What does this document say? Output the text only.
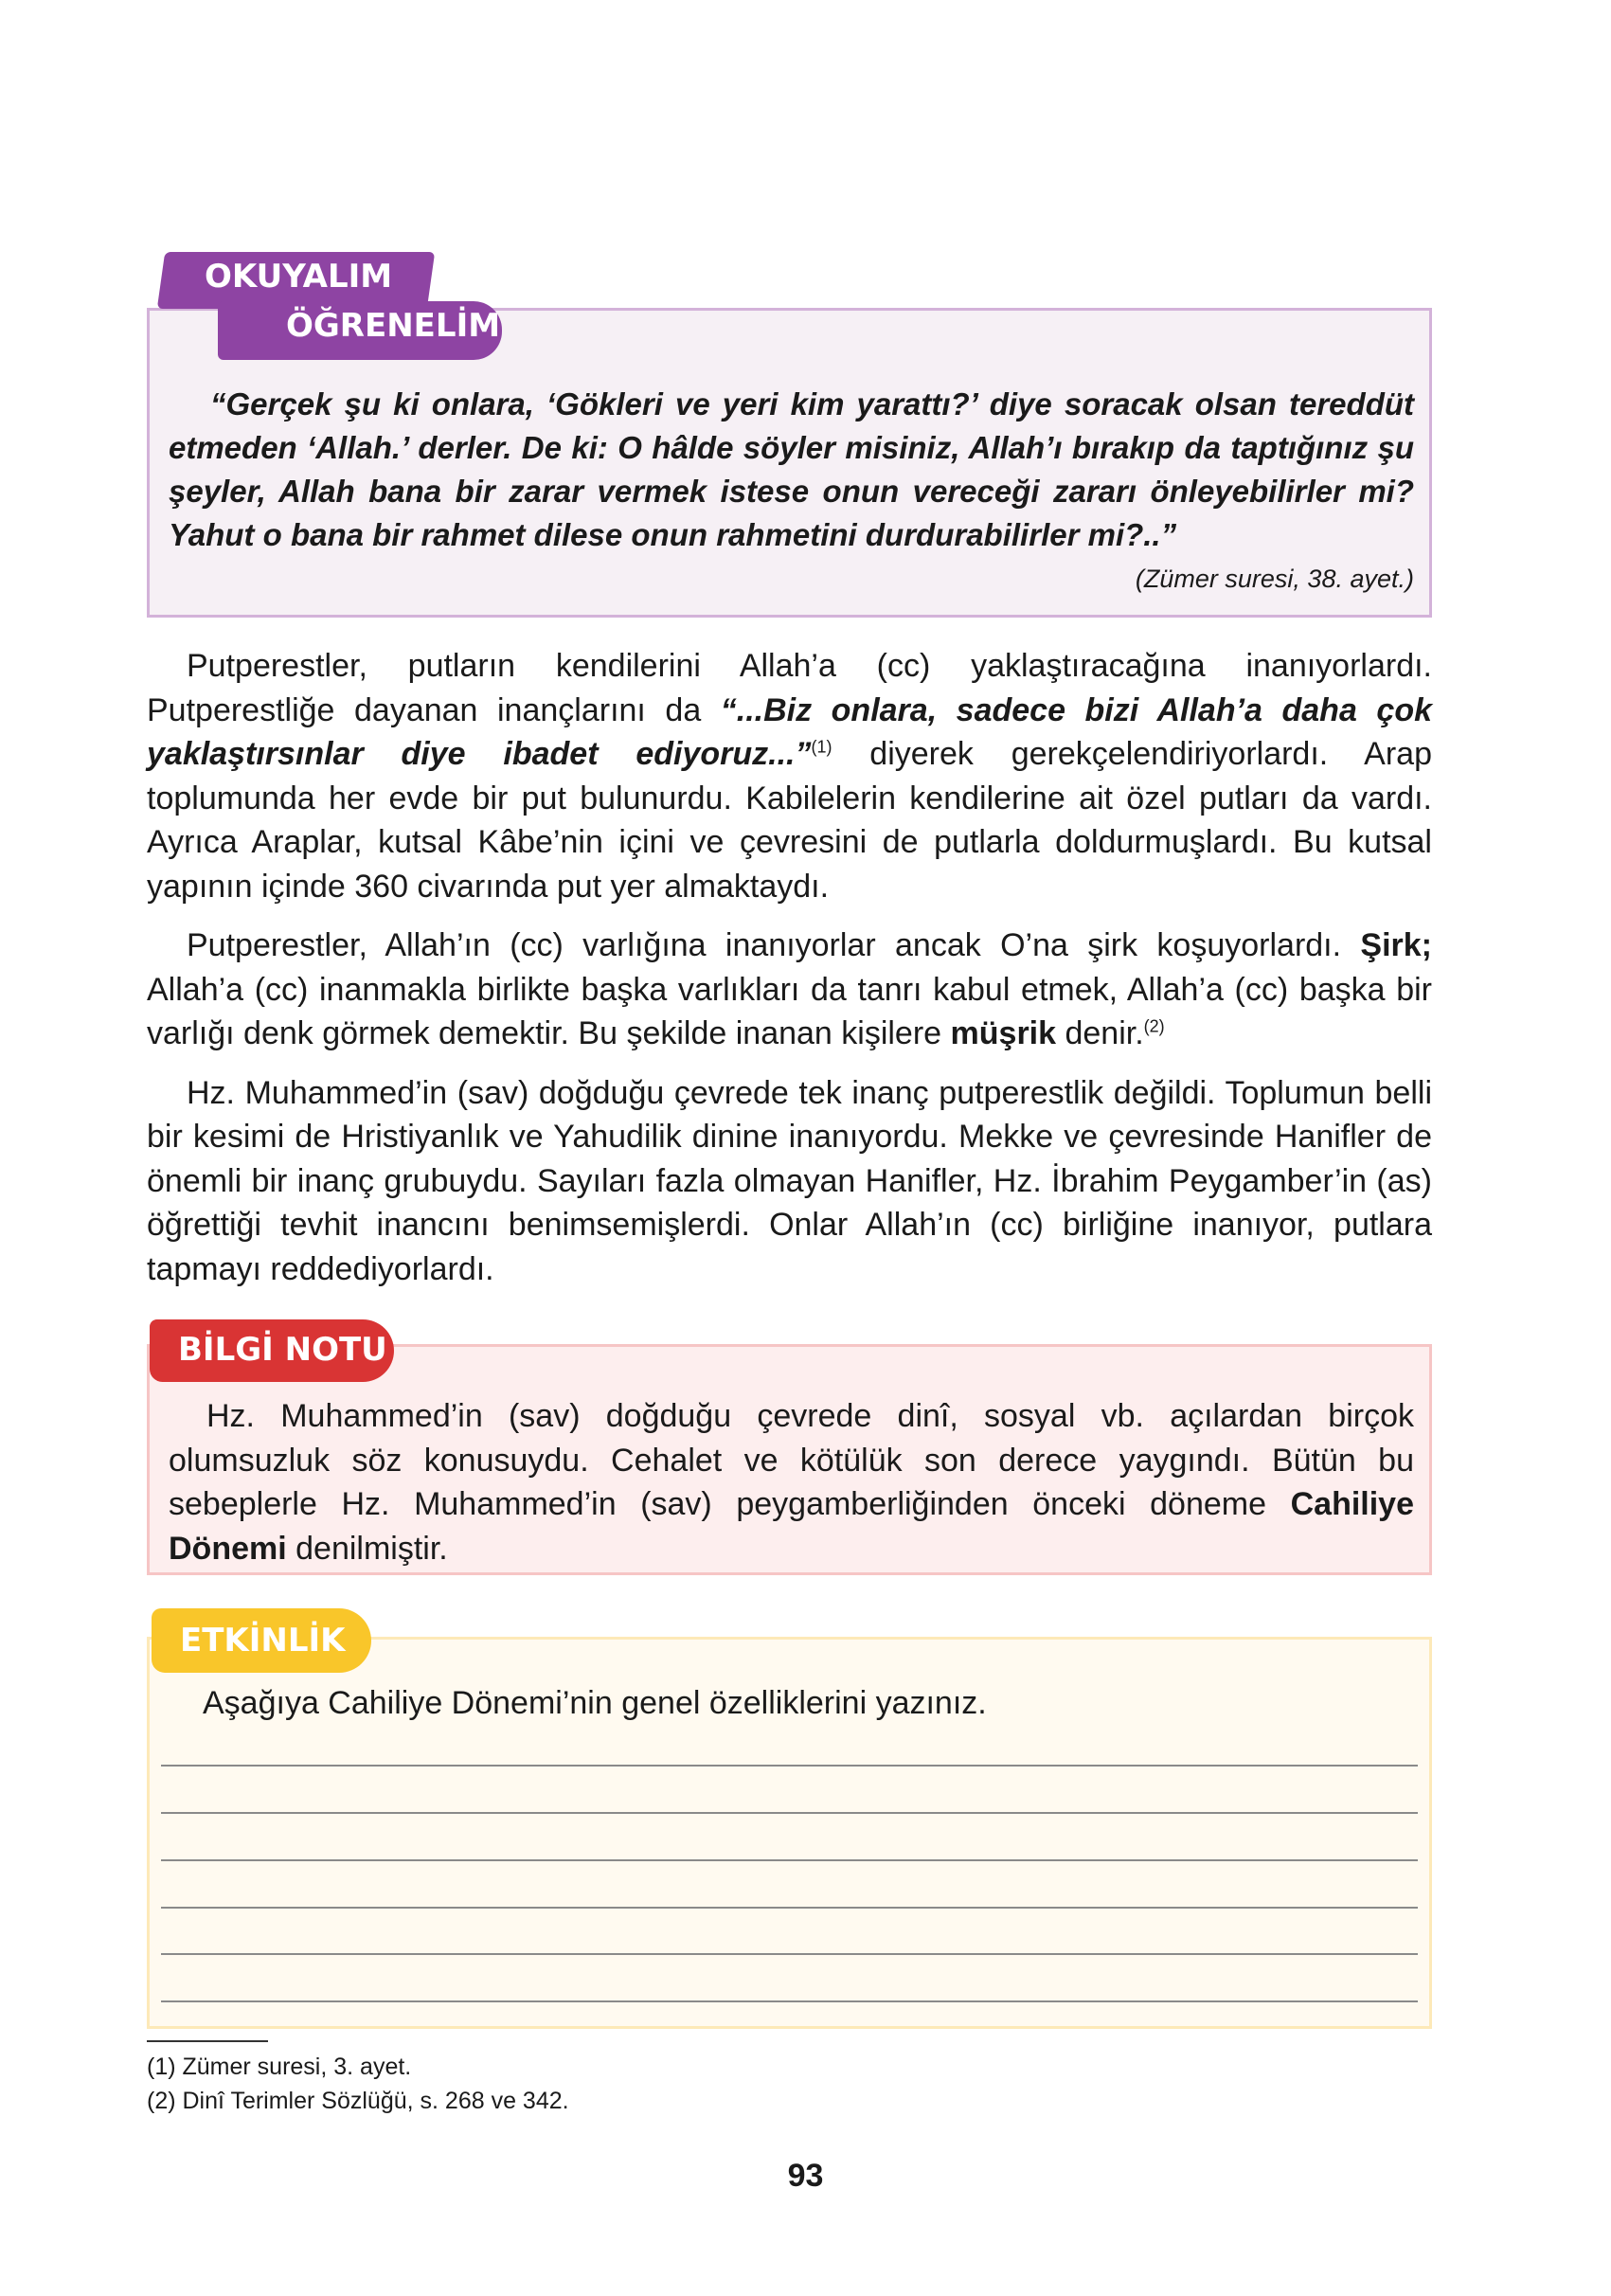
“Gerçek şu ki onlara, ‘Gökleri ve yeri kim yarattı?’ diye soracak olsan tereddüt etmeden ‘Allah.’ derler. De ki: O hâlde söyler misiniz, Allah’ı bırakıp da taptığınız şu şeyler, Allah bana bir zarar vermek istese onun vereceği zararı önleyebilirler mi? Yahut o bana bir rahmet dilese onun rahmetini durdurabilirler mi?..”

(Zümer suresi, 38. ayet.)
OKUYALIM
ÖĞRENELİM

Putperestler, putların kendilerini Allah’a (cc) yaklaştıracağına inanıyorlardı. Putperestliğe dayanan inançlarını da “...Biz onlara, sadece bizi Allah’a daha çok yaklaştırsınlar diye ibadet ediyoruz...”$^{(1)}$ diyerek gerekçelendiriyorlardı. Arap toplumunda her evde bir put bulunurdu. Kabilelerin kendilerine ait özel putları da vardı. Ayrıca Araplar, kutsal Kâbe’nin içini ve çevresini de putlarla doldurmuşlardı. Bu kutsal yapının içinde 360 civarında put yer almaktaydı.

Putperestler, Allah’ın (cc) varlığına inanıyorlar ancak O’na şirk koşuyorlardı. Şirk; Allah’a (cc) inanmakla birlikte başka varlıkları da tanrı kabul etmek, Allah’a (cc) başka bir varlığı denk görmek demektir. Bu şekilde inanan kişilere müşrik denir.$^{(2)}$

Hz. Muhammed’in (sav) doğduğu çevrede tek inanç putperestlik değildi. Toplumun belli bir kesimi de Hristiyanlık ve Yahudilik dinine inanıyordu. Mekke ve çevresinde Hanifler de önemli bir inanç grubuydu. Sayıları fazla olmayan Hanifler, Hz. İbrahim Peygamber’in (as) öğrettiği tevhit inancını benimsemişlerdi. Onlar Allah’ın (cc) birliğine inanıyor, putlara tapmayı reddediyorlardı.

Hz. Muhammed’in (sav) doğduğu çevrede dinî, sosyal vb. açılardan birçok olumsuzluk söz konusuydu. Cehalet ve kötülük son derece yaygındı. Bütün bu sebeplerle Hz. Muhammed’in (sav) peygamberliğinden önceki döneme Cahiliye Dönemi denilmiştir.

BİLGİ NOTU
Aşağıya Cahiliye Dönemi’nin genel özelliklerini yazınız.
ETKİNLİK
(1) Zümer suresi, 3. ayet.
(2) Dinî Terimler Sözlüğü, s. 268 ve 342.
93
